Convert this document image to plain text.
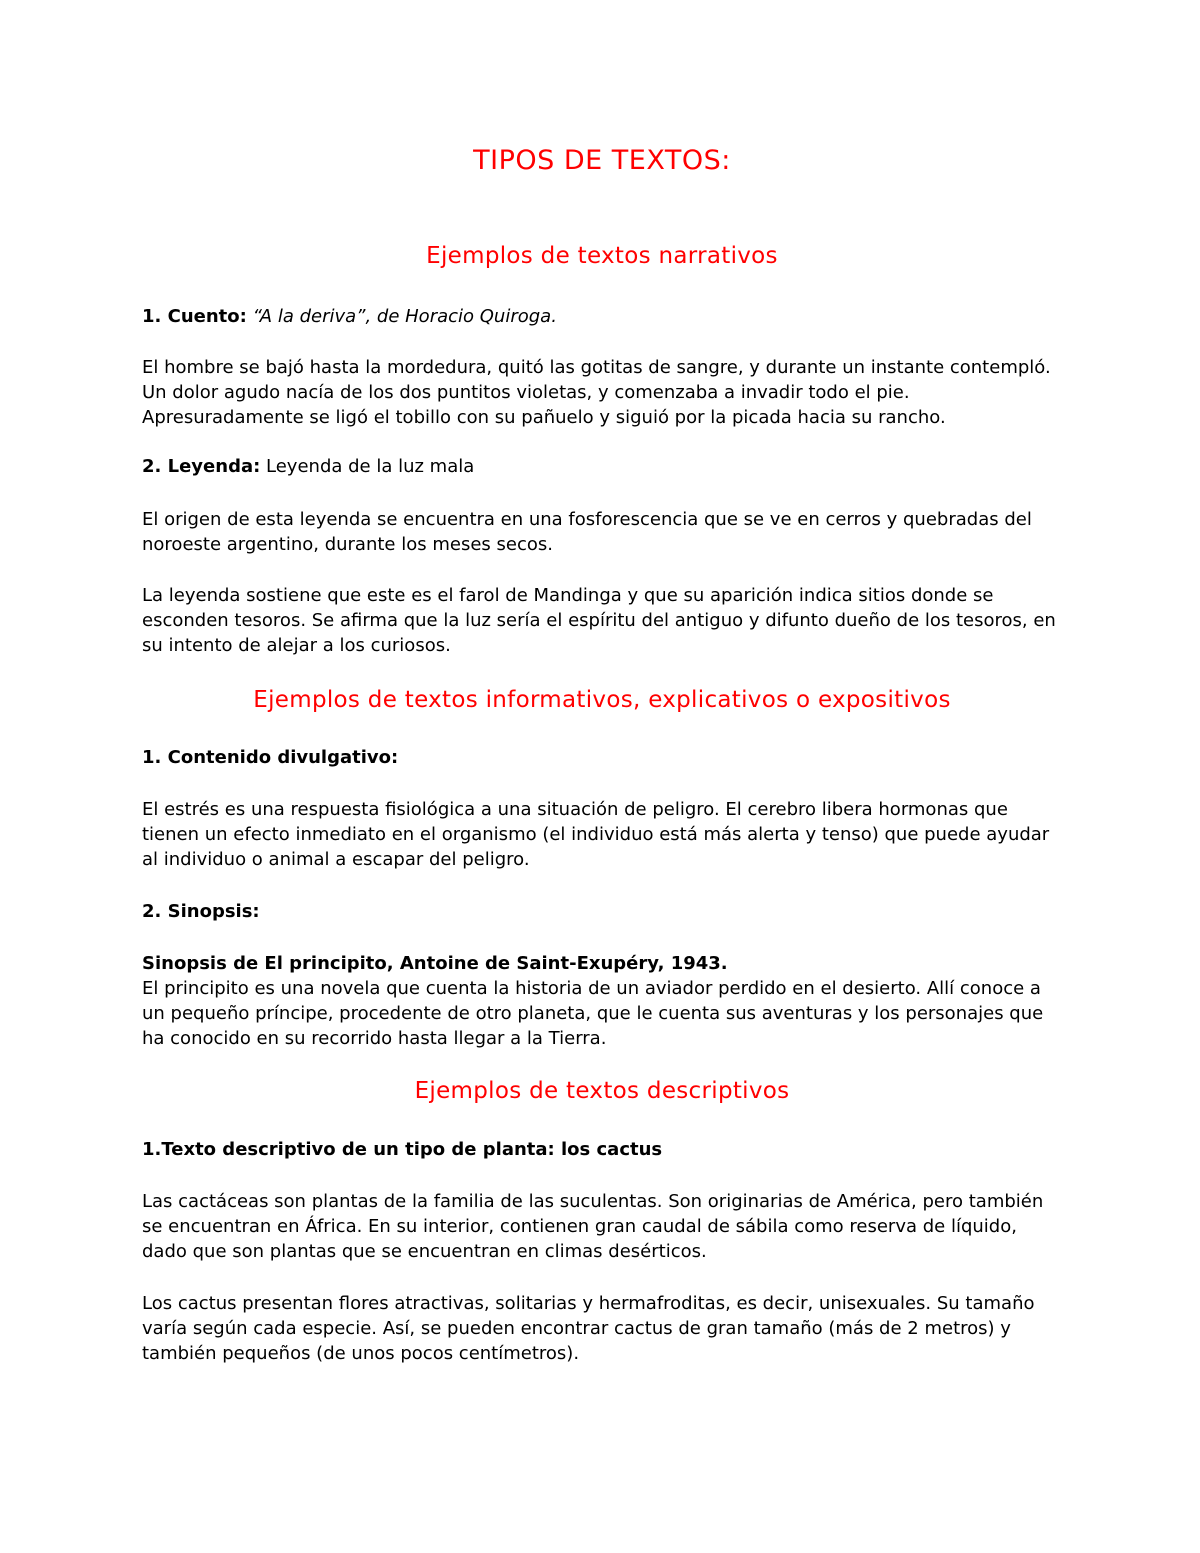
TIPOS DE TEXTOS:
Ejemplos de textos narrativos
1. Cuento: “A la deriva”, de Horacio Quiroga.
El hombre se bajó hasta la mordedura, quitó las gotitas de sangre, y durante un instante contempló. Un dolor agudo nacía de los dos puntitos violetas, y comenzaba a invadir todo el pie. Apresuradamente se ligó el tobillo con su pañuelo y siguió por la picada hacia su rancho.
2. Leyenda: Leyenda de la luz mala
El origen de esta leyenda se encuentra en una fosforescencia que se ve en cerros y quebradas del noroeste argentino, durante los meses secos.
La leyenda sostiene que este es el farol de Mandinga y que su aparición indica sitios donde se esconden tesoros. Se afirma que la luz sería el espíritu del antiguo y difunto dueño de los tesoros, en su intento de alejar a los curiosos.
Ejemplos de textos informativos, explicativos o expositivos
1. Contenido divulgativo:
El estrés es una respuesta fisiológica a una situación de peligro. El cerebro libera hormonas que tienen un efecto inmediato en el organismo (el individuo está más alerta y tenso) que puede ayudar al individuo o animal a escapar del peligro.
2. Sinopsis:
Sinopsis de El principito, Antoine de Saint-Exupéry, 1943.
El principito es una novela que cuenta la historia de un aviador perdido en el desierto. Allí conoce a un pequeño príncipe, procedente de otro planeta, que le cuenta sus aventuras y los personajes que ha conocido en su recorrido hasta llegar a la Tierra.
Ejemplos de textos descriptivos
1.Texto descriptivo de un tipo de planta: los cactus
Las cactáceas son plantas de la familia de las suculentas. Son originarias de América, pero también se encuentran en África. En su interior, contienen gran caudal de sábila como reserva de líquido, dado que son plantas que se encuentran en climas desérticos.
Los cactus presentan flores atractivas, solitarias y hermafroditas, es decir, unisexuales. Su tamaño varía según cada especie. Así, se pueden encontrar cactus de gran tamaño (más de 2 metros) y también pequeños (de unos pocos centímetros).
